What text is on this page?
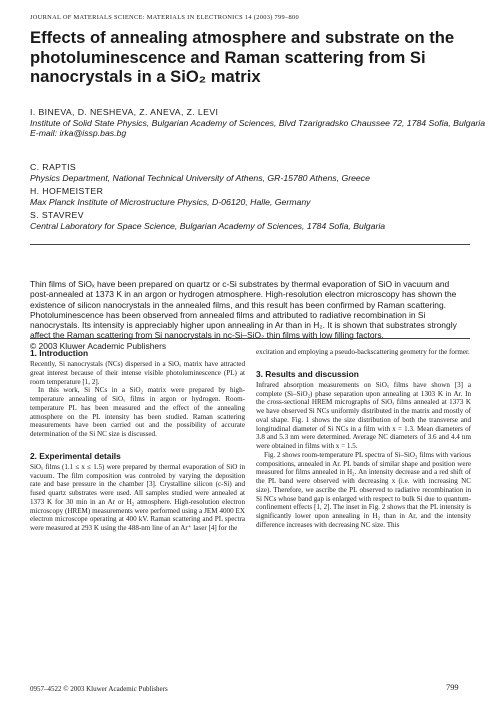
JOURNAL OF MATERIALS SCIENCE: MATERIALS IN ELECTRONICS 14 (2003) 799–800
Effects of annealing atmosphere and substrate on the photoluminescence and Raman scattering from Si nanocrystals in a SiO₂ matrix
I. BINEVA, D. NESHEVA, Z. ANEVA, Z. LEVI
Institute of Solid State Physics, Bulgarian Academy of Sciences, Blvd Tzarigradsko Chaussee 72, 1784 Sofia, Bulgaria
E-mail: irka@issp.bas.bg
C. RAPTIS
Physics Department, National Technical University of Athens, GR-15780 Athens, Greece
H. HOFMEISTER
Max Planck Institute of Microstructure Physics, D-06120, Halle, Germany
S. STAVREV
Central Laboratory for Space Science, Bulgarian Academy of Sciences, 1784 Sofia, Bulgaria
Thin films of SiOₓ have been prepared on quartz or c-Si substrates by thermal evaporation of SiO in vacuum and post-annealed at 1373 K in an argon or hydrogen atmosphere. High-resolution electron microscopy has shown the existence of silicon nanocrystals in the annealed films, and this result has been confirmed by Raman scattering. Photoluminescence has been observed from annealed films and attributed to radiative recombination in Si nanocrystals. Its intensity is appreciably higher upon annealing in Ar than in H₂. It is shown that substrates strongly affect the Raman scattering from Si nanocrystals in nc-Si–SiO₂ thin films with low filling factors.
© 2003 Kluwer Academic Publishers
1. Introduction

Recently, Si nanocrystals (NCs) dispersed in a SiOₓ matrix have attracted great interest because of their intense visible photoluminescence (PL) at room temperature [1, 2].

In this work, Si NCs in a SiO₂ matrix were prepared by high-temperature annealing of SiOₓ films in argon or hydrogen. Room-temperature PL has been measured and the effect of the annealing atmosphere on the PL intensity has been studied. Raman scattering measurements have been carried out and the possibility of accurate determination of the Si NC size is discussed.

2. Experimental details

SiOₓ films (1.1 ≤ x ≤ 1.5) were prepared by thermal evaporation of SiO in vacuum. The film composition was controled by varying the deposition rate and base pressure in the chamber [3]. Crystalline silicon (c-Si) and fused quartz substrates were used. All samples studied were annealed at 1373 K for 30 min in an Ar or H₂ atmosphere. High-resolution electron microscopy (HREM) measurements were performed using a JEM 4000 EX electron microscope operating at 400 kV. Raman scattering and PL spectra were measured at 293 K using the 488-nm line of an Ar⁺ laser [4] for the

excitation and employing a pseudo-backscattering geometry for the former.

3. Results and discussion

Infrared absorption measurements on SiOₓ films have shown [3] a complete (Si–SiO₂) phase separation upon annealing at 1303 K in Ar. In the cross-sectional HREM micrographs of SiOₓ films annealed at 1373 K we have observed Si NCs uniformly distributed in the matrix and mostly of oval shape. Fig. 1 shows the size distribution of both the transverse and longitudinal diameter of Si NCs in a film with x = 1.3. Mean diameters of 3.8 and 5.3 nm were determined. Average NC diameters of 3.6 and 4.4 nm were obtained in films with x = 1.5.

Fig. 2 shows room-temperature PL spectra of Si–SiO₂ films with various compositions, annealed in Ar. PL bands of similar shape and position were measured for films annealed in H₂. An intensity decrease and a red shift of the PL band were observed with decreasing x (i.e. with increasing NC size). Therefore, we ascribe the PL observed to radiative recombination in Si NCs whose band gap is enlarged with respect to bulk Si due to quantum-confinement effects [1, 2]. The inset in Fig. 2 shows that the PL intensity is significantly lower upon annealing in H₂ than in Ar, and the intensity difference increases with decreasing NC size. This

0957–4522 © 2003 Kluwer Academic Publishers	799
